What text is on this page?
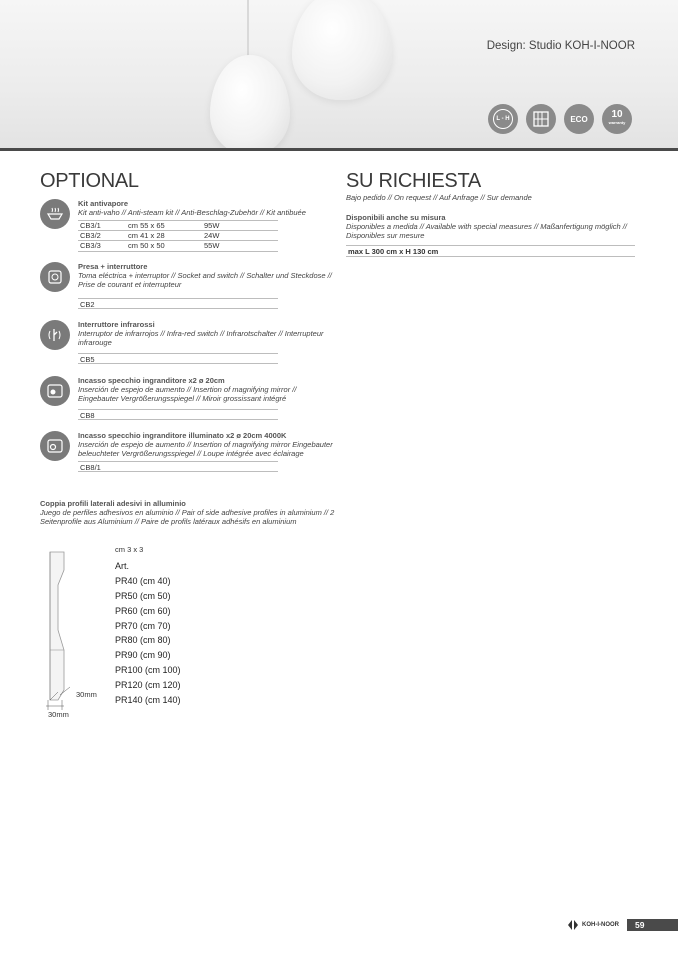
Design: Studio KOH-I-NOOR
L - H	ECO	10
warranty
OPTIONAL
Kit antivapore
Kit anti-vaho // Anti-steam kit // Anti-Beschlag-Zubehör // Kit antibuée
CB3/1	cm 55 x 65	95W
CB3/2	cm 41 x 28	24W
CB3/3	cm 50 x 50	55W
Presa + interruttore
Toma eléctrica + interruptor // Socket and switch // Schalter und Steckdose // Prise de courant et interrupteur
CB2
Interruttore infrarossi
Interruptor de infrarrojos // Infra-red switch // Infrarotschalter // Interrupteur infrarouge
CB5
Incasso specchio ingranditore x2 ø 20cm
Inserción de espejo de aumento // Insertion of magnifying mirror // Eingebauter Vergrößerungsspiegel // Miroir grossissant intégré
CB8
Incasso specchio ingranditore illuminato x2 ø 20cm 4000K
Inserción de espejo de aumento // Insertion of magnifying mirror Eingebauter beleuchteter Vergrößerungsspiegel // Loupe intégrée avec éclairage
CB8/1
Coppia profili laterali adesivi in alluminio
Juego de perfiles adhesivos en aluminio // Pair of side adhesive profiles in aluminium // 2 Seitenprofile aus Aluminium // Paire de profils latéraux adhésifs en aluminium
30mm
30mm
cm 3 x 3
Art.
PR40 (cm 40)
PR50 (cm 50)
PR60 (cm 60)
PR70 (cm 70)
PR80 (cm 80)
PR90 (cm 90)
PR100 (cm 100)
PR120 (cm 120)
PR140 (cm 140)
SU RICHIESTA
Bajo pedido // On request // Auf Anfrage // Sur demande
Disponibili anche su misura
Disponibles a medida // Available with special measures // Maßanfertigung möglich // Disponibles sur mesure
max L 300 cm x H 130 cm
KOH-I-NOOR	59
